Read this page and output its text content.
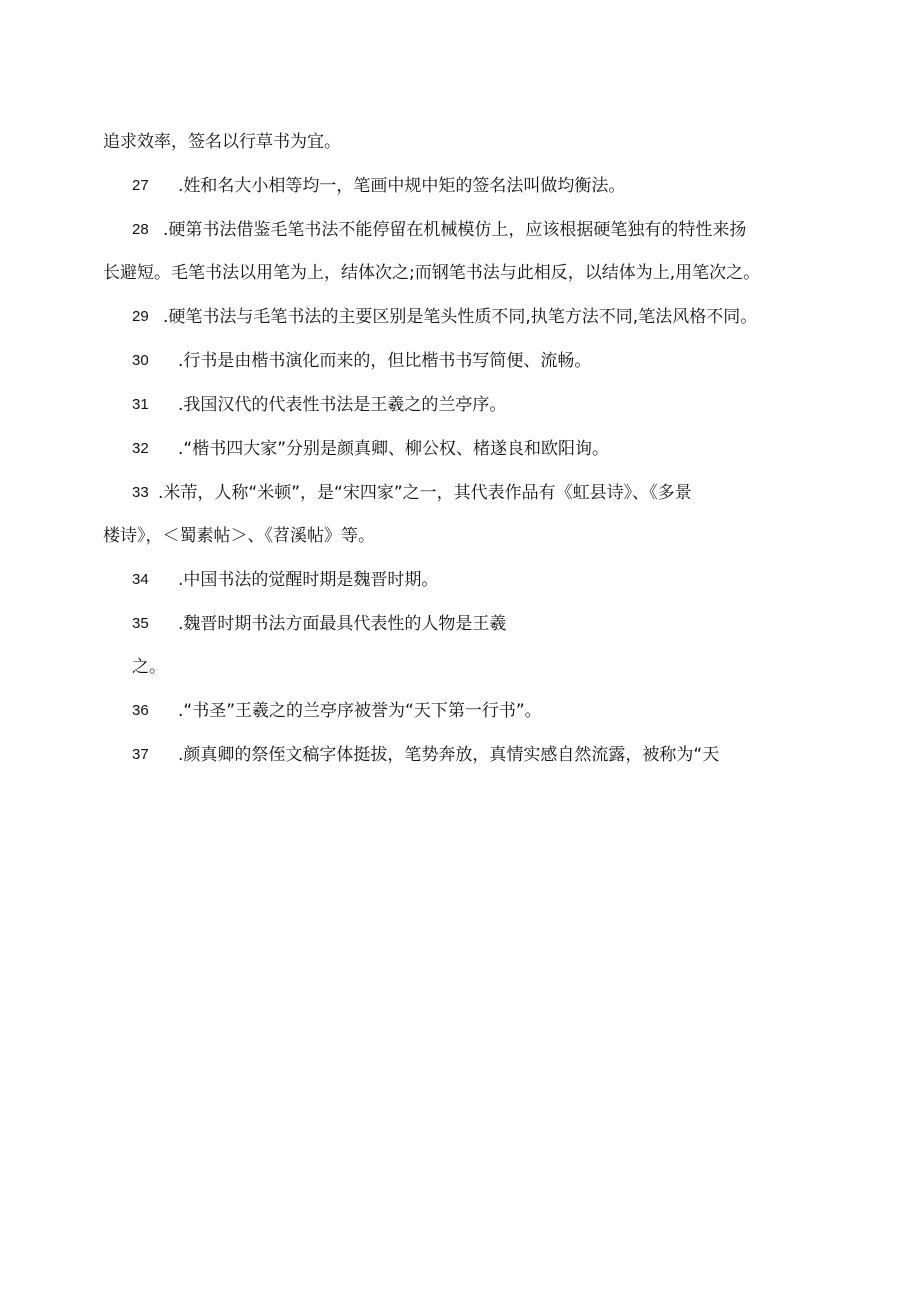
追求效率，签名以行草书为宜。
27 .姓和名大小相等均一，笔画中规中矩的签名法叫做均衡法。
28 .硬第书法借鉴毛笔书法不能停留在机械模仿上，应该根据硬笔独有的特性来扬
长避短。毛笔书法以用笔为上，结体次之;而钢笔书法与此相反，以结体为上,用笔次之。
29 .硬笔书法与毛笔书法的主要区别是笔头性质不同,执笔方法不同,笔法风格不同。
30 .行书是由楷书演化而来的，但比楷书书写简便、流畅。
31 .我国汉代的代表性书法是王羲之的兰亭序。
32 .“楷书四大家”分别是颜真卿、柳公权、楮遂良和欧阳询。
33 .米芾，人称“米顿”，是“宋四家”之一，其代表作品有《虹县诗》、《多景
楼诗》，＜蜀素帖＞、《苕溪帖》等。
34 .中国书法的觉醒时期是魏晋时期。
35 .魏晋时期书法方面最具代表性的人物是王羲
之。
36 .“书圣”王羲之的兰亭序被誉为“天下第一行书”。
37 .颜真卿的祭侄文稿字体挺拔，笔势奔放，真情实感自然流露，被称为“天
